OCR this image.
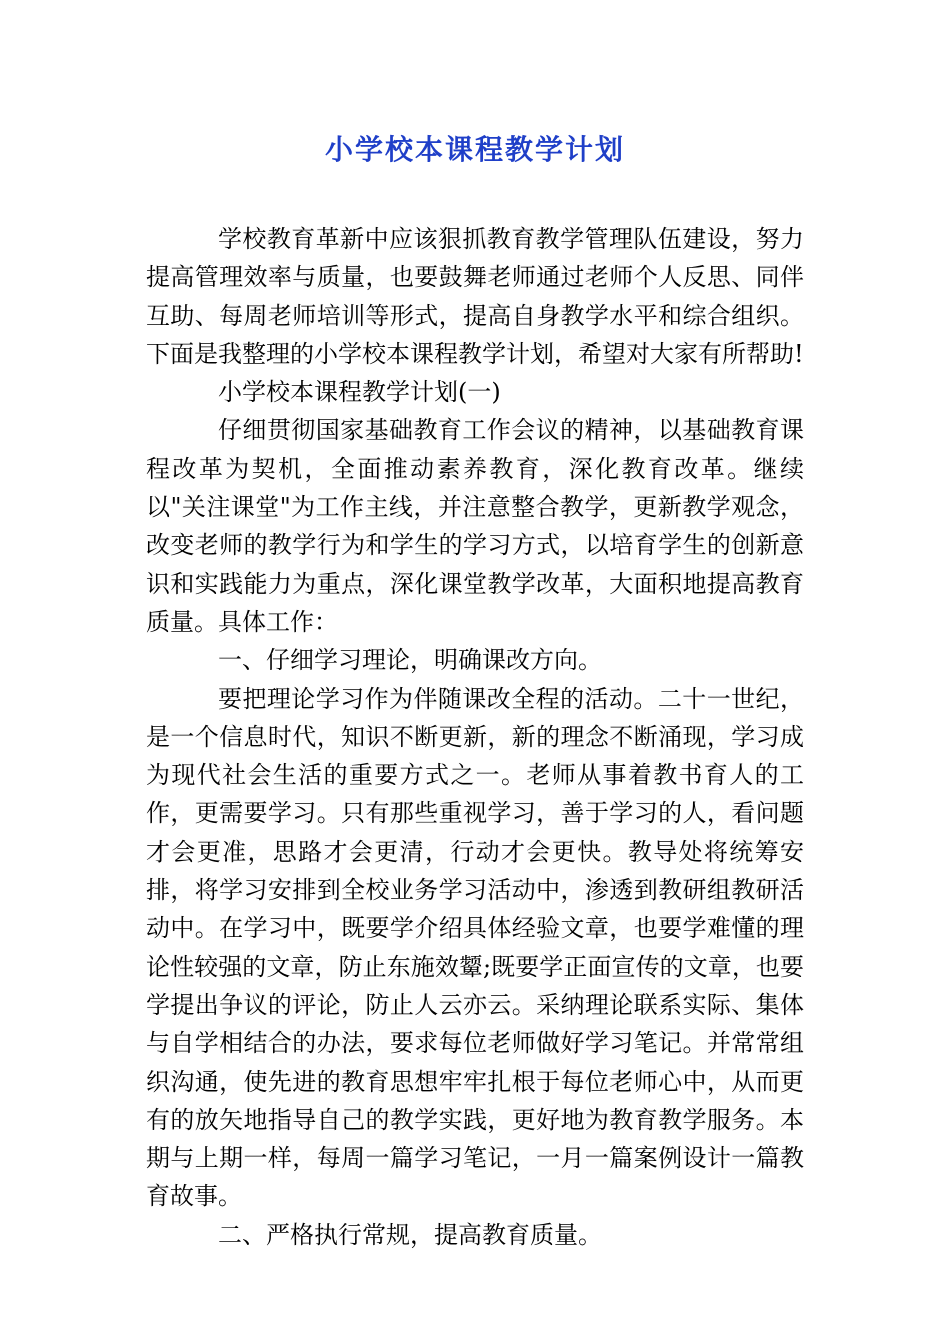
小学校本课程教学计划

学校教育革新中应该狠抓教育教学管理队伍建设，努力提高管理效率与质量，也要鼓舞老师通过老师个人反思、同伴互助、每周老师培训等形式，提高自身教学水平和综合组织。下面是我整理的小学校本课程教学计划，希望对大家有所帮助!

小学校本课程教学计划(一)

仔细贯彻国家基础教育工作会议的精神，以基础教育课程改革为契机，全面推动素养教育，深化教育改革。继续以"关注课堂"为工作主线，并注意整合教学，更新教学观念，改变老师的教学行为和学生的学习方式，以培育学生的创新意识和实践能力为重点，深化课堂教学改革，大面积地提高教育质量。具体工作：

一、仔细学习理论，明确课改方向。

要把理论学习作为伴随课改全程的活动。二十一世纪，是一个信息时代，知识不断更新，新的理念不断涌现，学习成为现代社会生活的重要方式之一。老师从事着教书育人的工作，更需要学习。只有那些重视学习，善于学习的人，看问题才会更准，思路才会更清，行动才会更快。教导处将统筹安排，将学习安排到全校业务学习活动中，渗透到教研组教研活动中。在学习中，既要学介绍具体经验文章，也要学难懂的理论性较强的文章，防止东施效颦;既要学正面宣传的文章，也要学提出争议的评论，防止人云亦云。采纳理论联系实际、集体与自学相结合的办法，要求每位老师做好学习笔记。并常常组织沟通，使先进的教育思想牢牢扎根于每位老师心中，从而更有的放矢地指导自己的教学实践，更好地为教育教学服务。本期与上期一样，每周一篇学习笔记，一月一篇案例设计一篇教育故事。

二、严格执行常规，提高教育质量。
